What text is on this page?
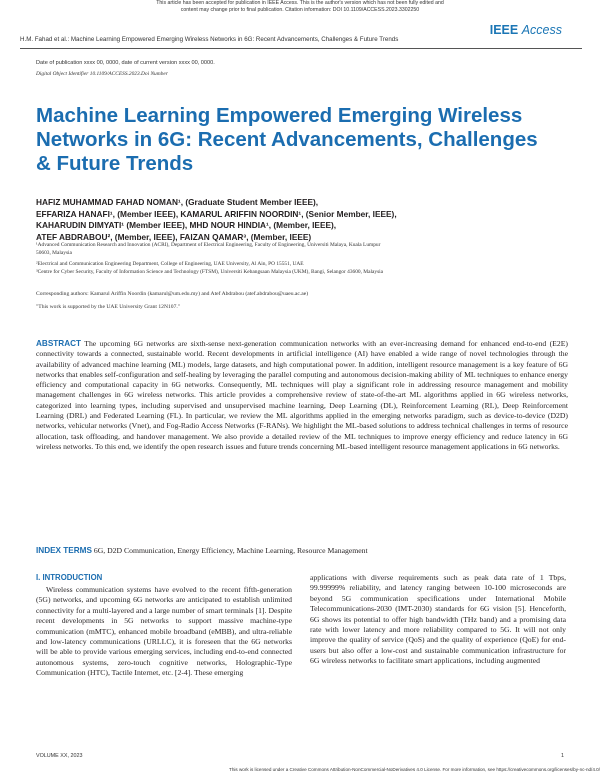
This article has been accepted for publication in IEEE Access. This is the author's version which has not been fully edited and
content may change prior to final publication. Citation information: DOI 10.1109/ACCESS.2023.3302250
IEEE Access
H.M. Fahad et al.: Machine Learning Empowered Emerging Wireless Networks in 6G: Recent Advancements, Challenges & Future Trends
Date of publication xxxx 00, 0000, date of current version xxxx 00, 0000.
Digital Object Identifier 10.1109/ACCESS.2023.Doi Number
Machine Learning Empowered Emerging Wireless Networks in 6G: Recent Advancements, Challenges & Future Trends
HAFIZ MUHAMMAD FAHAD NOMAN¹, (Graduate Student Member IEEE),
EFFARIZA HANAFI¹, (Member IEEE), KAMARUL ARIFFIN NOORDIN¹, (Senior Member, IEEE),
KAHARUDIN DIMYATI¹ (Member IEEE), MHD NOUR HINDIA¹, (Member, IEEE),
ATEF ABDRABOU², (Member, IEEE), FAIZAN QAMAR³, (Member, IEEE)
¹Advanced Communication Research and Innovation (ACRI), Department of Electrical Engineering, Faculty of Engineering, Universiti Malaya, Kuala Lumpur
50603, Malaysia
²Electrical and Communication Engineering Department, College of Engineering, UAE University, Al Ain, PO 15551, UAE
³Centre for Cyber Security, Faculty of Information Science and Technology (FTSM), Universiti Kebangsaan Malaysia (UKM), Bangi, Selangor 43600, Malaysia
Corresponding authors: Kamarul Ariffin Noordin (kamarul@um.edu.my) and Atef Abdrabou (atef.abdrabou@uaeu.ac.ae)
"This work is supported by the UAE University Grant 12N107."
ABSTRACT The upcoming 6G networks are sixth-sense next-generation communication networks with an ever-increasing demand for enhanced end-to-end (E2E) connectivity towards a connected, sustainable world. Recent developments in artificial intelligence (AI) have enabled a wide range of novel technologies through the availability of advanced machine learning (ML) models, large datasets, and high computational power. In addition, intelligent resource management is a key feature of 6G networks that enables self-configuration and self-healing by leveraging the parallel computing and autonomous decision-making ability of ML techniques to enhance energy efficiency and computational capacity in 6G networks. Consequently, ML techniques will play a significant role in addressing resource management and mobility management challenges in 6G wireless networks. This article provides a comprehensive review of state-of-the-art ML algorithms applied in 6G wireless networks, categorized into learning types, including supervised and unsupervised machine learning, Deep Learning (DL), Reinforcement Learning (RL), Deep Reinforcement Learning (DRL) and Federated Learning (FL). In particular, we review the ML algorithms applied in the emerging networks paradigm, such as device-to-device (D2D) networks, vehicular networks (Vnet), and Fog-Radio Access Networks (F-RANs). We highlight the ML-based solutions to address technical challenges in terms of resource allocation, task offloading, and handover management. We also provide a detailed review of the ML techniques to improve energy efficiency and reduce latency in 6G wireless networks. To this end, we identify the open research issues and future trends concerning ML-based intelligent resource management applications in 6G networks.
INDEX TERMS 6G, D2D Communication, Energy Efficiency, Machine Learning, Resource Management
I. INTRODUCTION

Wireless communication systems have evolved to the recent fifth-generation (5G) networks, and upcoming 6G networks are anticipated to establish unlimited connectivity for a multi-layered and a large number of smart terminals [1]. Despite recent developments in 5G networks to support massive machine-type communication (mMTC), enhanced mobile broadband (eMBB), and ultra-reliable and low-latency communications (URLLC), it is foreseen that the 6G networks will be able to provide various emerging services, including end-to-end connected autonomous systems, zero-touch cognitive networks, Holographic-Type Communication (HTC), Tactile Internet, etc. [2-4]. These emerging

applications with diverse requirements such as peak data rate of 1 Tbps, 99.99999% reliability, and latency ranging between 10-100 microseconds are beyond 5G communication specifications under International Mobile Telecommunications-2030 (IMT-2030) standards for 6G vision [5]. Henceforth, 6G shows its potential to offer high bandwidth (THz band) and a promising data rate with lower latency and more reliability compared to 5G. It will not only improve the quality of service (QoS) and the quality of experience (QoE) for end-users but also offer a low-cost and sustainable communication infrastructure for 6G wireless networks to facilitate smart applications, including augmented

VOLUME XX, 2023	1
This work is licensed under a Creative Commons Attribution-NonCommercial-NoDerivatives 4.0 License. For more information, see https://creativecommons.org/licenses/by-nc-nd/4.0/
